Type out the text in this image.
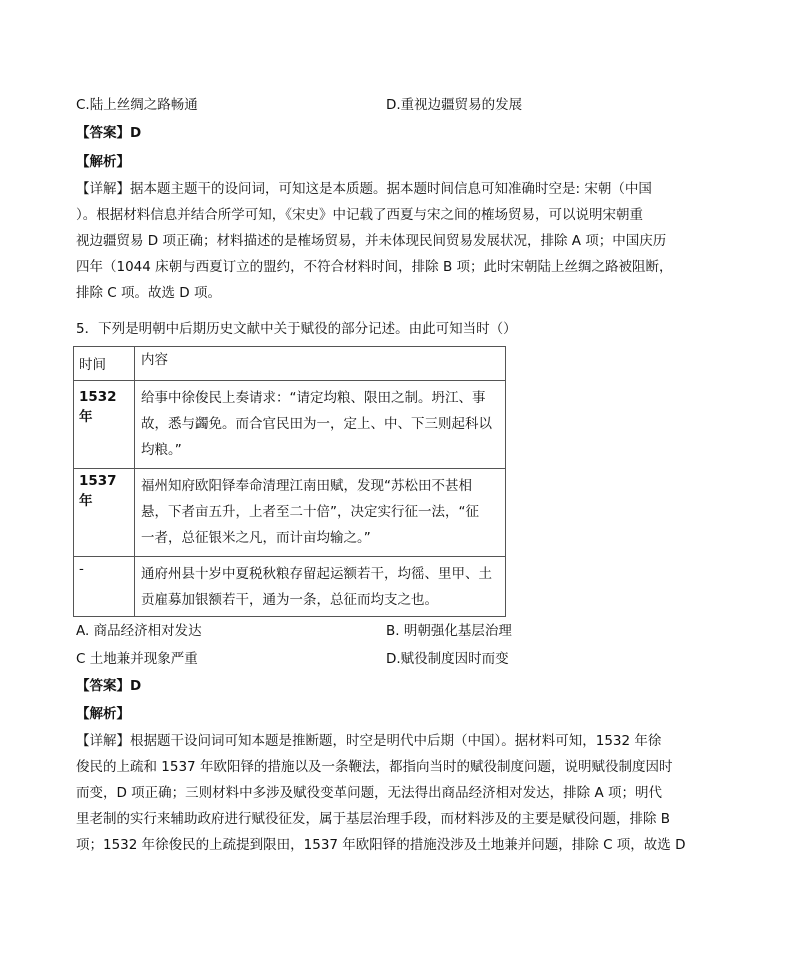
C.陆上丝绸之路畅通	D.重视边疆贸易的发展
【答案】D
【解析】
【详解】据本题主题干的设问词，可知这是本质题。据本题时间信息可知准确时空是: 宋朝（中国
）。根据材料信息并结合所学可知，《宋史》中记载了西夏与宋之间的榷场贸易，可以说明宋朝重
视边疆贸易 D 项正确；材料描述的是榷场贸易，并未体现民间贸易发展状况，排除 A 项；中国庆历
四年（1044 床朝与西夏订立的盟约，不符合材料时间，排除 B 项；此时宋朝陆上丝绸之路被阻断，
排除 C 项。故选 D 项。
5．下列是明朝中后期历史文献中关于赋役的部分记述。由此可知当时（）
时间	内容
1532 年	给事中徐俊民上奏请求：“请定均粮、限田之制。坍江、事
故，悉与蠲免。而合官民田为一，定上、中、下三则起科以
均粮。”

1537 年	福州知府欧阳铎奉命清理江南田赋，发现“苏松田不甚相
悬，下者亩五升，上者至二十倍”，决定实行征一法，“征
一者，总征银米之凡，而计亩均输之。”

-	通府州县十岁中夏税秋粮存留起运额若干，均徭、里甲、土
贡雇募加银额若干，通为一条，总征而均支之也。
A. 商品经济相对发达	B. 明朝强化基层治理
C 土地兼并现象严重	D.赋役制度因时而变
【答案】D
【解析】
【详解】根据题干设问词可知本题是推断题，时空是明代中后期（中国）。据材料可知，1532 年徐
俊民的上疏和 1537 年欧阳铎的措施以及一条鞭法，都指向当时的赋役制度问题，说明赋役制度因时
而变，D 项正确；三则材料中多涉及赋役变革问题，无法得出商品经济相对发达，排除 A 项；明代
里老制的实行来辅助政府进行赋役征发，属于基层治理手段，而材料涉及的主要是赋役问题，排除 B
项；1532 年徐俊民的上疏提到限田，1537 年欧阳铎的措施没涉及土地兼并问题，排除 C 项，故选 D
